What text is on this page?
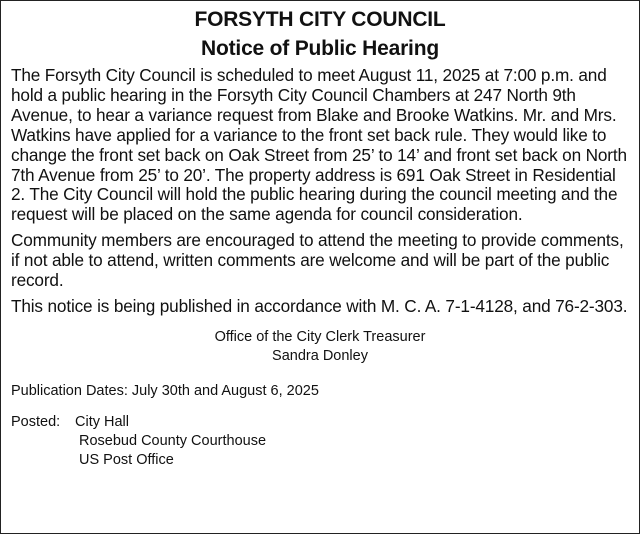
FORSYTH CITY COUNCIL
Notice of Public Hearing

The Forsyth City Council is scheduled to meet August 11, 2025 at 7:00 p.m. and hold a public hearing in the Forsyth City Council Chambers at 247 North 9th Avenue, to hear a variance request from Blake and Brooke Watkins. Mr. and Mrs. Watkins have applied for a variance to the front set back rule. They would like to change the front set back on Oak Street from 25’ to 14’ and front set back on North 7th Avenue from 25’ to 20’. The property address is 691 Oak Street in Residential 2. The City Council will hold the public hearing during the council meeting and the request will be placed on the same agenda for council consideration.

Community members are encouraged to attend the meeting to provide comments, if not able to attend, written comments are welcome and will be part of the public record.

This notice is being published in accordance with M. C. A. 7-1-4128, and 76-2-303.

Office of the City Clerk Treasurer
Sandra Donley
Publication Dates: July 30th and August 6, 2025
Posted:	City Hall
Rosebud County Courthouse
US Post Office
